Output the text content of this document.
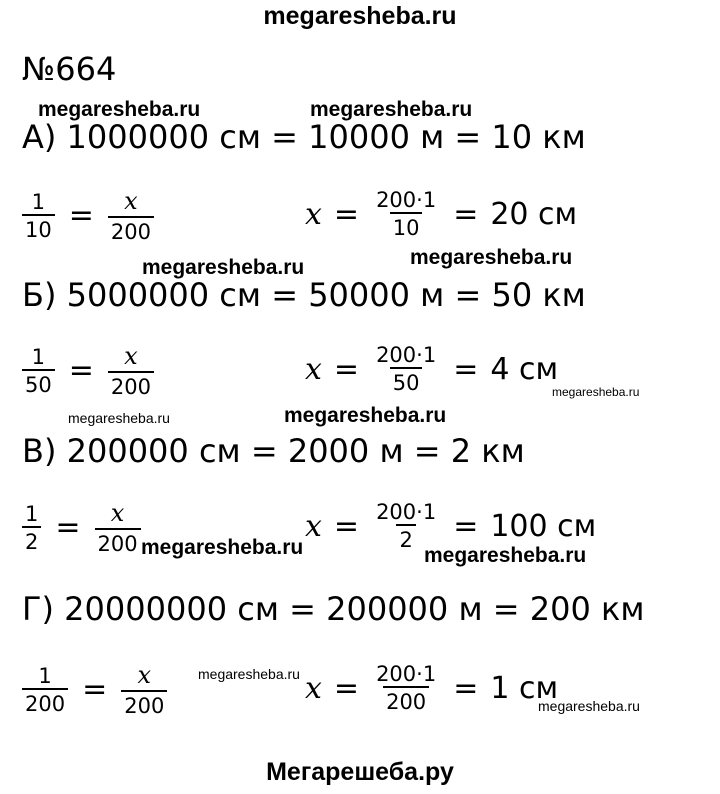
megaresheba.ru
№664
А) 1000000 см = 10000 м = 10 км
$\frac{1}{10} = \frac{x}{200}$	$x = \frac{200\cdot 1}{10} = 20$ см
Б) 5000000 см = 50000 м = 50 км
$\frac{1}{50} = \frac{x}{200}$	$x = \frac{200\cdot 1}{50} = 4$ см
В) 200000 см = 2000 м = 2 км
$\frac{1}{2} = \frac{x}{200}$	$x = \frac{200\cdot 1}{2} = 100$ см
Г) 20000000 см = 200000 м = 200 км
$\frac{1}{200} = \frac{x}{200}$	$x = \frac{200\cdot 1}{200} = 1$ см
megaresheba.ru	megaresheba.ru
megaresheba.ru	megaresheba.ru
megaresheba.ru	megaresheba.ru
megaresheba.ru
megaresheba.ru	megaresheba.ru
megaresheba.ru
megaresheba.ru
Мегарешеба.ру
